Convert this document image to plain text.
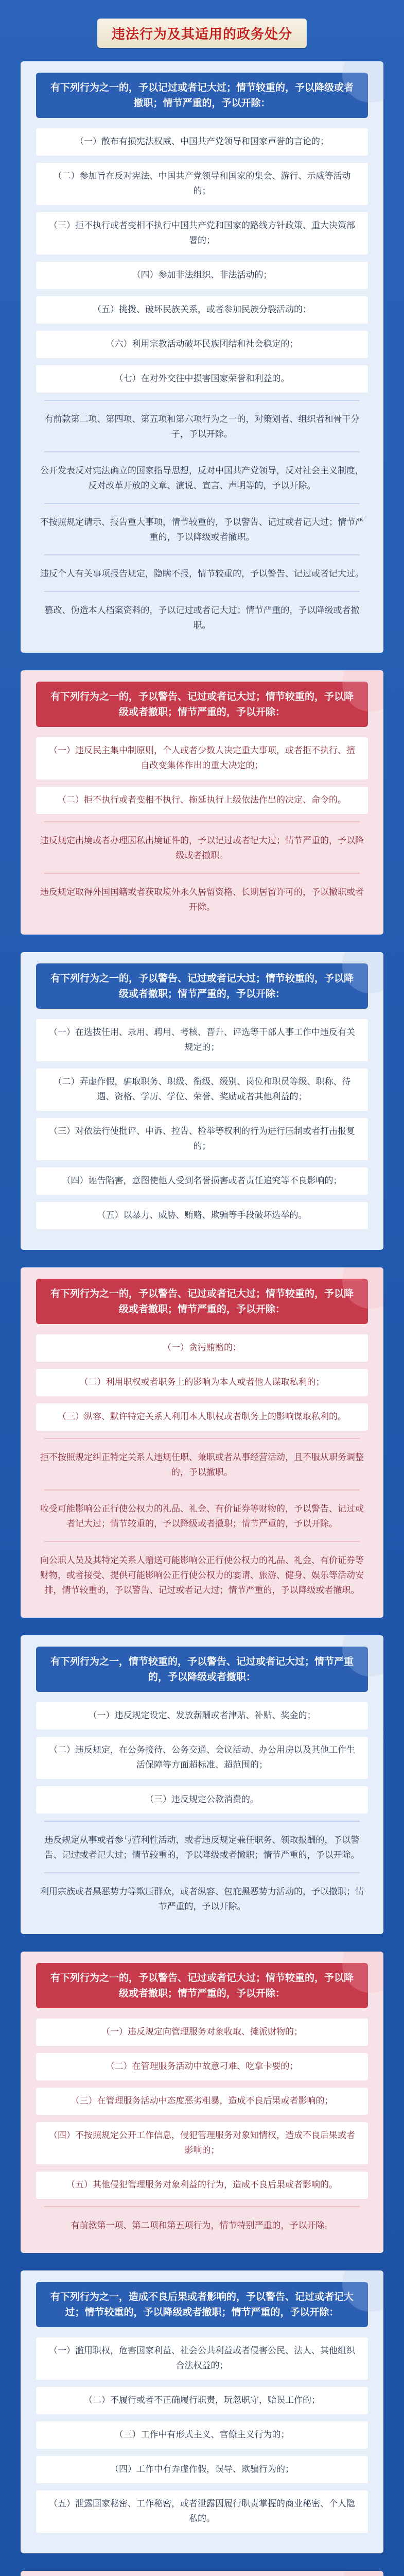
违法行为及其适用的政务处分
有下列行为之一的，予以记过或者记大过；情节较重的，予以降级或者撤职；情节严重的，予以开除：
（一）散布有损宪法权威、中国共产党领导和国家声誉的言论的；
（二）参加旨在反对宪法、中国共产党领导和国家的集会、游行、示威等活动的；
（三）拒不执行或者变相不执行中国共产党和国家的路线方针政策、重大决策部署的；
（四）参加非法组织、非法活动的；
（五）挑拨、破坏民族关系，或者参加民族分裂活动的；
（六）利用宗教活动破坏民族团结和社会稳定的；
（七）在对外交往中损害国家荣誉和利益的。
有前款第二项、第四项、第五项和第六项行为之一的，对策划者、组织者和骨干分子，予以开除。
公开发表反对宪法确立的国家指导思想，反对中国共产党领导，反对社会主义制度，反对改革开放的文章、演说、宣言、声明等的，予以开除。
不按照规定请示、报告重大事项，情节较重的，予以警告、记过或者记大过；情节严重的，予以降级或者撤职。
违反个人有关事项报告规定，隐瞒不报，情节较重的，予以警告、记过或者记大过。
篡改、伪造本人档案资料的，予以记过或者记大过；情节严重的，予以降级或者撤职。
有下列行为之一的，予以警告、记过或者记大过；情节较重的，予以降级或者撤职；情节严重的，予以开除：
（一）违反民主集中制原则，个人或者少数人决定重大事项，或者拒不执行、擅自改变集体作出的重大决定的；
（二）拒不执行或者变相不执行、拖延执行上级依法作出的决定、命令的。
违反规定出境或者办理因私出境证件的，予以记过或者记大过；情节严重的，予以降级或者撤职。
违反规定取得外国国籍或者获取境外永久居留资格、长期居留许可的，予以撤职或者开除。
有下列行为之一的，予以警告、记过或者记大过；情节较重的，予以降级或者撤职；情节严重的，予以开除：
（一）在选拔任用、录用、聘用、考核、晋升、评选等干部人事工作中违反有关规定的；
（二）弄虚作假，骗取职务、职级、衔级、级别、岗位和职员等级、职称、待遇、资格、学历、学位、荣誉、奖励或者其他利益的；
（三）对依法行使批评、申诉、控告、检举等权利的行为进行压制或者打击报复的；
（四）诬告陷害，意图使他人受到名誉损害或者责任追究等不良影响的；
（五）以暴力、威胁、贿赂、欺骗等手段破坏选举的。
有下列行为之一的，予以警告、记过或者记大过；情节较重的，予以降级或者撤职；情节严重的，予以开除：
（一）贪污贿赂的；
（二）利用职权或者职务上的影响为本人或者他人谋取私利的；
（三）纵容、默许特定关系人利用本人职权或者职务上的影响谋取私利的。
拒不按照规定纠正特定关系人违规任职、兼职或者从事经营活动，且不服从职务调整的，予以撤职。
收受可能影响公正行使公权力的礼品、礼金、有价证券等财物的，予以警告、记过或者记大过；情节较重的，予以降级或者撤职；情节严重的，予以开除。
向公职人员及其特定关系人赠送可能影响公正行使公权力的礼品、礼金、有价证券等财物，或者接受、提供可能影响公正行使公权力的宴请、旅游、健身、娱乐等活动安排，情节较重的，予以警告、记过或者记大过；情节严重的，予以降级或者撤职。
有下列行为之一，情节较重的，予以警告、记过或者记大过；情节严重的，予以降级或者撤职：
（一）违反规定设定、发放薪酬或者津贴、补贴、奖金的；
（二）违反规定，在公务接待、公务交通、会议活动、办公用房以及其他工作生活保障等方面超标准、超范围的；
（三）违反规定公款消费的。
违反规定从事或者参与营利性活动，或者违反规定兼任职务、领取报酬的，予以警告、记过或者记大过；情节较重的，予以降级或者撤职；情节严重的，予以开除。
利用宗族或者黑恶势力等欺压群众，或者纵容、包庇黑恶势力活动的，予以撤职；情节严重的，予以开除。
有下列行为之一的，予以警告、记过或者记大过；情节较重的，予以降级或者撤职；情节严重的，予以开除：
（一）违反规定向管理服务对象收取、摊派财物的；
（二）在管理服务活动中故意刁难、吃拿卡要的；
（三）在管理服务活动中态度恶劣粗暴，造成不良后果或者影响的；
（四）不按照规定公开工作信息，侵犯管理服务对象知情权，造成不良后果或者影响的；
（五）其他侵犯管理服务对象利益的行为，造成不良后果或者影响的。
有前款第一项、第二项和第五项行为，情节特别严重的，予以开除。
有下列行为之一，造成不良后果或者影响的，予以警告、记过或者记大过；情节较重的，予以降级或者撤职；情节严重的，予以开除：
（一）滥用职权，危害国家利益、社会公共利益或者侵害公民、法人、其他组织合法权益的；
（二）不履行或者不正确履行职责，玩忽职守，贻误工作的；
（三）工作中有形式主义、官僚主义行为的；
（四）工作中有弄虚作假，误导、欺骗行为的；
（五）泄露国家秘密、工作秘密，或者泄露因履行职责掌握的商业秘密、个人隐私的。
